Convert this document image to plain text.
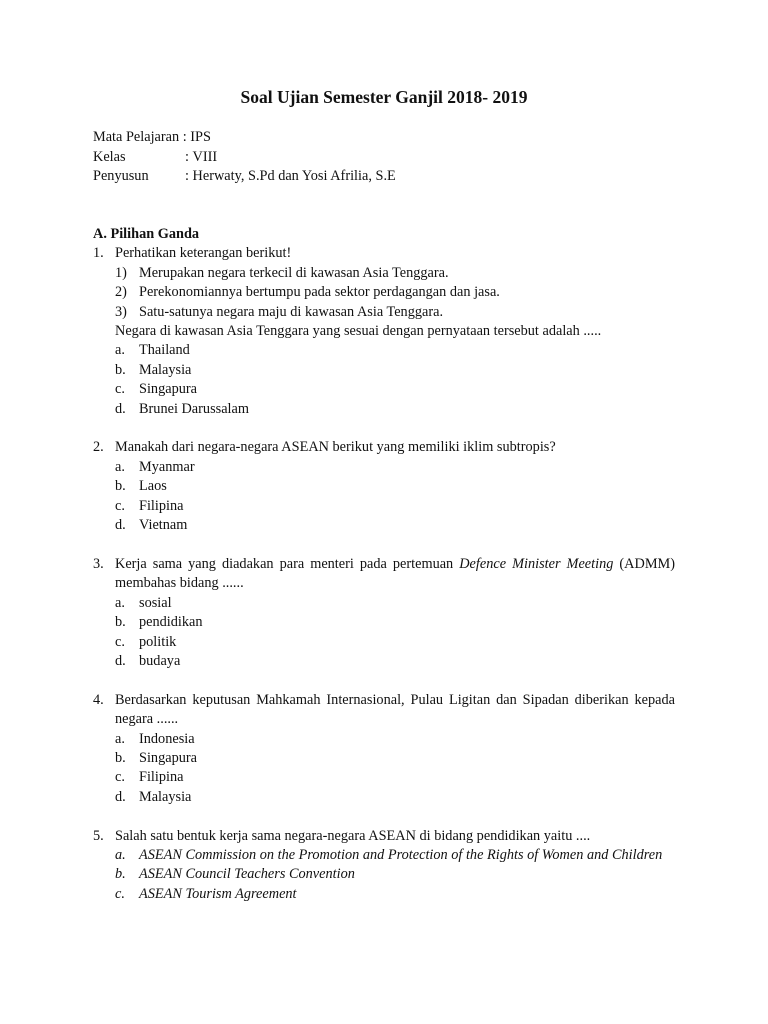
Soal Ujian Semester Ganjil 2018- 2019
Mata Pelajaran : IPS
Kelas	: VIII
Penyusun	: Herwaty, S.Pd dan Yosi Afrilia, S.E
A. Pilihan Ganda
1. Perhatikan keterangan berikut!
1) Merupakan negara terkecil di kawasan Asia Tenggara.
2) Perekonomiannya bertumpu pada sektor perdagangan dan jasa.
3) Satu-satunya negara maju di kawasan Asia Tenggara.
Negara di kawasan Asia Tenggara yang sesuai dengan pernyataan tersebut adalah .....
a. Thailand
b. Malaysia
c. Singapura
d. Brunei Darussalam
2. Manakah dari negara-negara ASEAN berikut yang memiliki iklim subtropis?
a. Myanmar
b. Laos
c. Filipina
d. Vietnam
3. Kerja sama yang diadakan para menteri pada pertemuan Defence Minister Meeting (ADMM) membahas bidang ......
a. sosial
b. pendidikan
c. politik
d. budaya
4. Berdasarkan keputusan Mahkamah Internasional, Pulau Ligitan dan Sipadan diberikan kepada negara ......
a. Indonesia
b. Singapura
c. Filipina
d. Malaysia
5. Salah satu bentuk kerja sama negara-negara ASEAN di bidang pendidikan yaitu ....
a. ASEAN Commission on the Promotion and Protection of the Rights of Women and Children
b. ASEAN Council Teachers Convention
c. ASEAN Tourism Agreement
